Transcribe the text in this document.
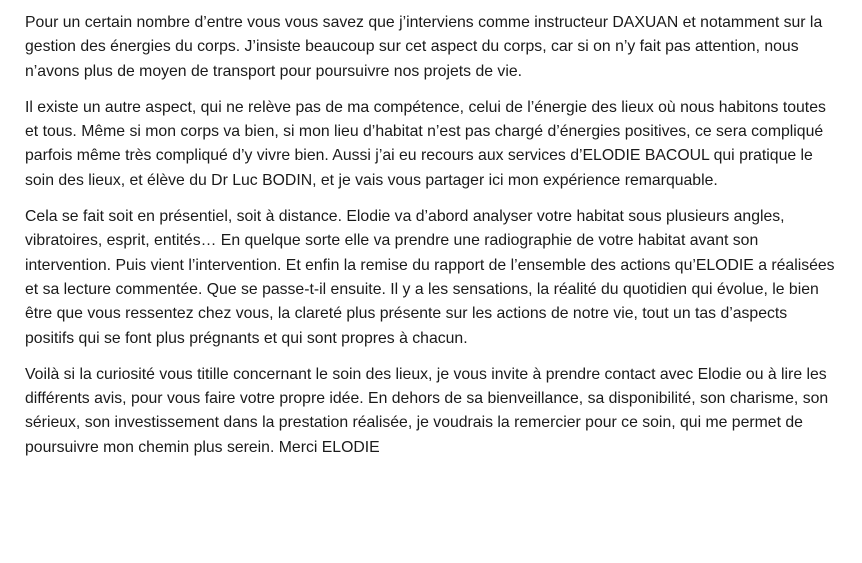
Pour un certain nombre d’entre vous vous savez que j’interviens comme instructeur DAXUAN et notamment sur la gestion des énergies du corps. J’insiste beaucoup sur cet aspect du corps, car si on n’y fait pas attention, nous n’avons plus de moyen de transport pour poursuivre nos projets de vie.

Il existe un autre aspect, qui ne relève pas de ma compétence, celui de l’énergie des lieux où nous habitons toutes et tous. Même si mon corps va bien, si mon lieu d’habitat n’est pas chargé d’énergies positives, ce sera compliqué parfois même très compliqué d’y vivre bien. Aussi j’ai eu recours aux services d’ELODIE BACOUL qui pratique le soin des lieux, et élève du Dr Luc BODIN, et je vais vous partager ici mon expérience remarquable.

Cela se fait soit en présentiel, soit à distance. Elodie va d’abord analyser votre habitat sous plusieurs angles, vibratoires, esprit, entités… En quelque sorte elle va prendre une radiographie de votre habitat avant son intervention. Puis vient l’intervention. Et enfin la remise du rapport de l’ensemble des actions qu’ELODIE a réalisées et sa lecture commentée. Que se passe-t-il ensuite. Il y a les sensations, la réalité du quotidien qui évolue, le bien être que vous ressentez chez vous, la clareté plus présente sur les actions de notre vie, tout un tas d’aspects positifs qui se font plus prégnants et qui sont propres à chacun.

Voilà si la curiosité vous titille concernant le soin des lieux, je vous invite à prendre contact avec Elodie ou à lire les différents avis, pour vous faire votre propre idée. En dehors de sa bienveillance, sa disponibilité, son charisme, son sérieux, son investissement dans la prestation réalisée, je voudrais la remercier pour ce soin, qui me permet de poursuivre mon chemin plus serein. Merci ELODIE
